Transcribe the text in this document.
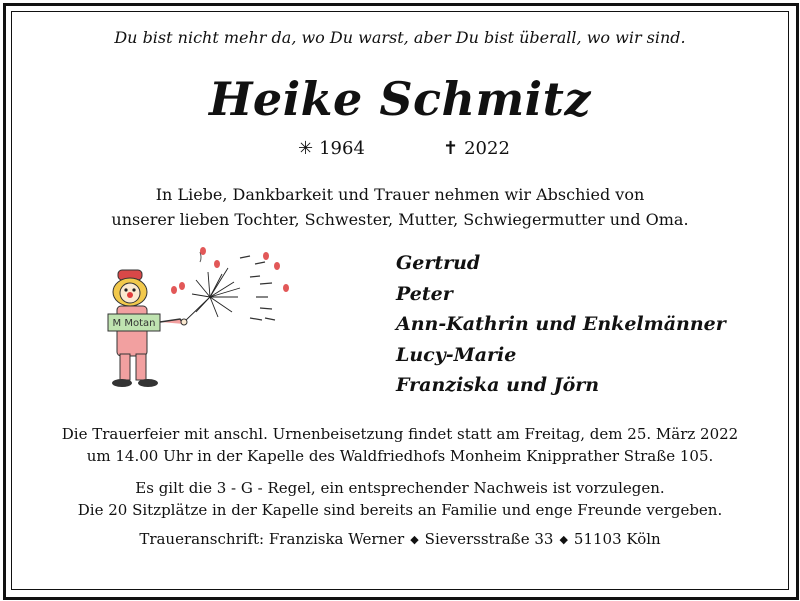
Du bist nicht mehr da, wo Du warst, aber Du bist überall, wo wir sind.
Heike Schmitz
✳ 1964	✝ 2022
In Liebe, Dankbarkeit und Trauer nehmen wir Abschied von
unserer lieben Tochter, Schwester, Mutter, Schwiegermutter und Oma.
M Motan
Gertrud
Peter
Ann-Kathrin und Enkelmänner
Lucy-Marie
Franziska und Jörn
Die Trauerfeier mit anschl. Urnenbeisetzung findet statt am Freitag, dem 25. März 2022
um 14.00 Uhr in der Kapelle des Waldfriedhofs Monheim Knipprather Straße 105.
Es gilt die 3 - G - Regel, ein entsprechender Nachweis ist vorzulegen.
Die 20 Sitzplätze in der Kapelle sind bereits an Familie und enge Freunde vergeben.
Traueranschrift: Franziska Werner ◆ Sieversstraße 33 ◆ 51103 Köln
